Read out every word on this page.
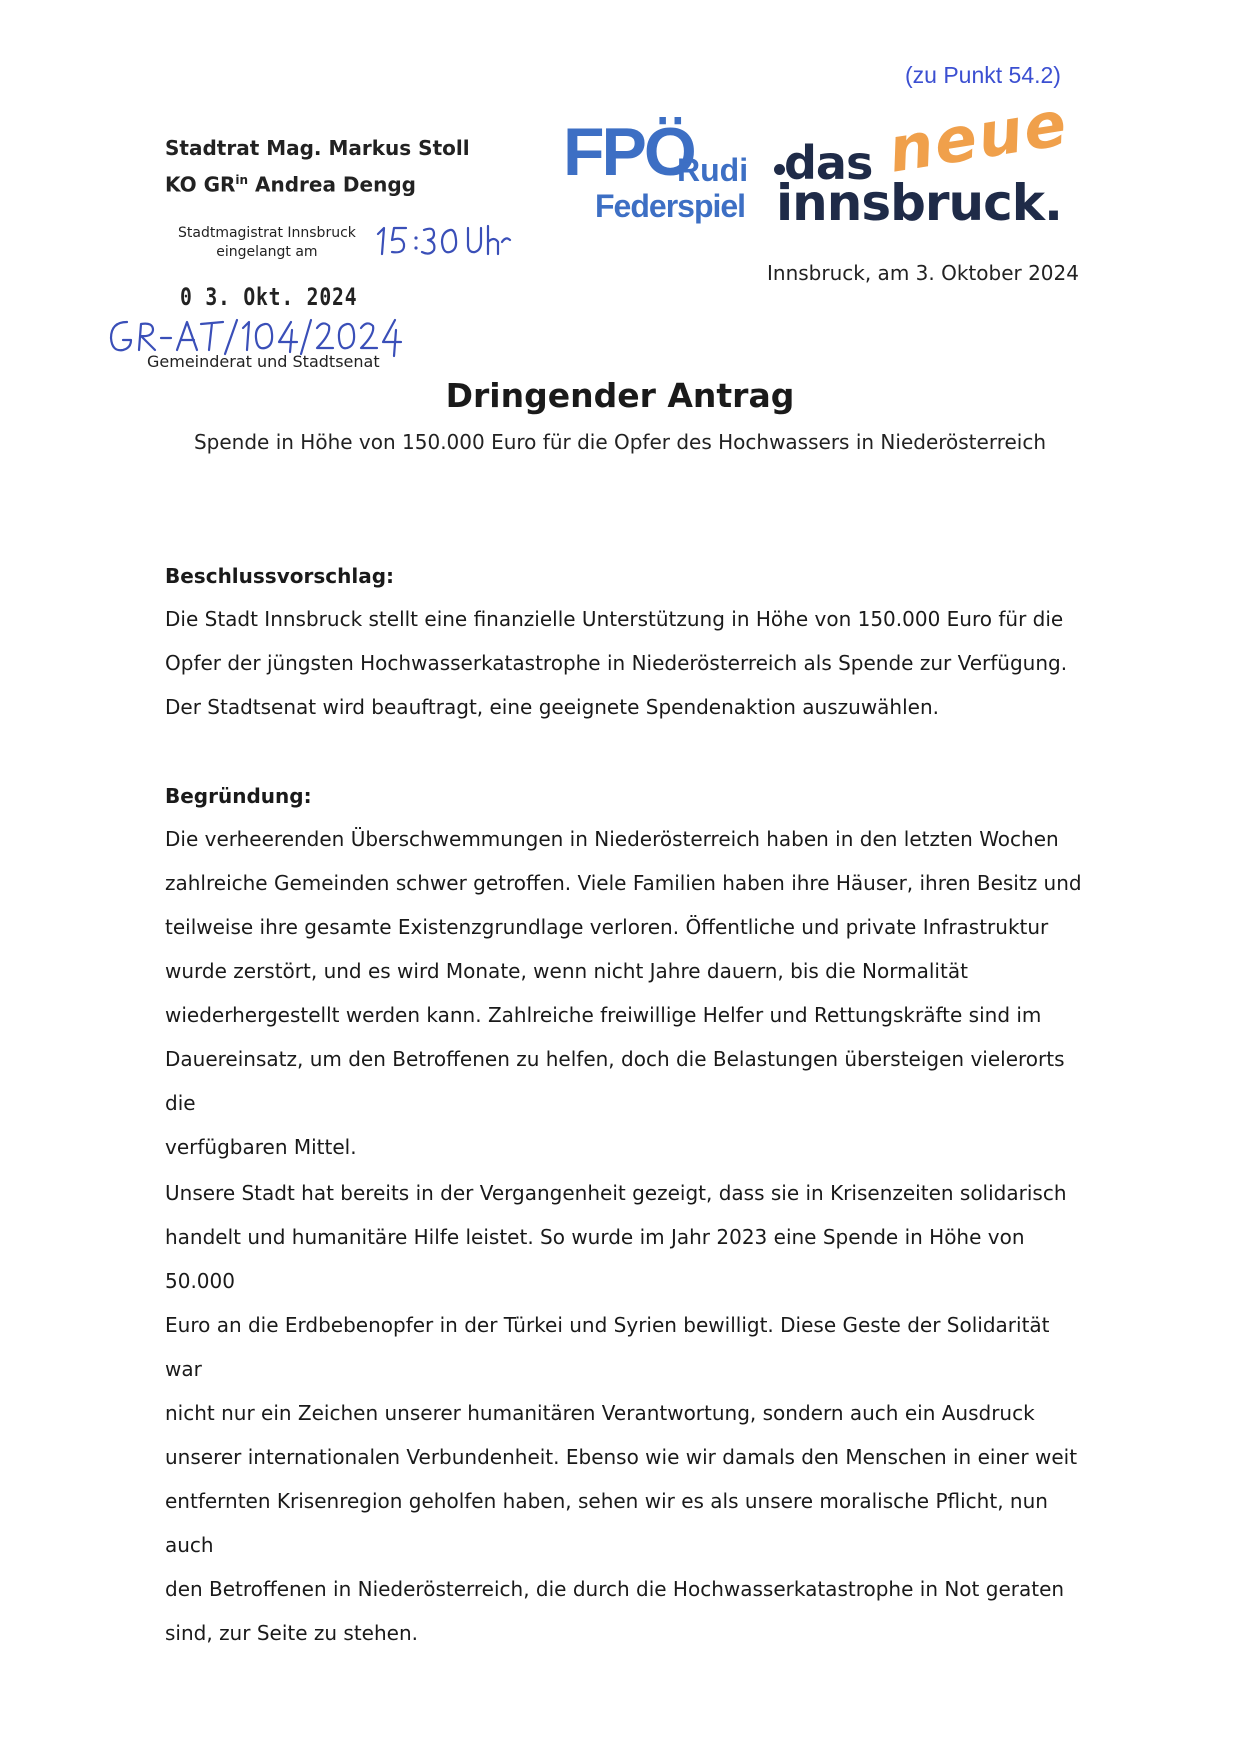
(zu Punkt 54.2)
Stadtrat Mag. Markus Stoll
KO $GR^{in}$ Andrea Dengg	FPÖ
Rudi
Federspiel
das neue
innsbruck.
Stadtmagistrat Innsbruck
eingelangt am
0 3. Okt. 2024
Gemeinderat und Stadtsenat
Innsbruck, am 3. Oktober 2024
Dringender Antrag
Spende in Höhe von 150.000 Euro für die Opfer des Hochwassers in Niederösterreich
Beschlussvorschlag:

Die Stadt Innsbruck stellt eine finanzielle Unterstützung in Höhe von 150.000 Euro für die

Opfer der jüngsten Hochwasserkatastrophe in Niederösterreich als Spende zur Verfügung.

Der Stadtsenat wird beauftragt, eine geeignete Spendenaktion auszuwählen.

Begründung:

Die verheerenden Überschwemmungen in Niederösterreich haben in den letzten Wochen

zahlreiche Gemeinden schwer getroffen. Viele Familien haben ihre Häuser, ihren Besitz und

teilweise ihre gesamte Existenzgrundlage verloren. Öffentliche und private Infrastruktur

wurde zerstört, und es wird Monate, wenn nicht Jahre dauern, bis die Normalität

wiederhergestellt werden kann. Zahlreiche freiwillige Helfer und Rettungskräfte sind im

Dauereinsatz, um den Betroffenen zu helfen, doch die Belastungen übersteigen vielerorts die

verfügbaren Mittel.

Unsere Stadt hat bereits in der Vergangenheit gezeigt, dass sie in Krisenzeiten solidarisch

handelt und humanitäre Hilfe leistet. So wurde im Jahr 2023 eine Spende in Höhe von 50.000

Euro an die Erdbebenopfer in der Türkei und Syrien bewilligt. Diese Geste der Solidarität war

nicht nur ein Zeichen unserer humanitären Verantwortung, sondern auch ein Ausdruck

unserer internationalen Verbundenheit. Ebenso wie wir damals den Menschen in einer weit

entfernten Krisenregion geholfen haben, sehen wir es als unsere moralische Pflicht, nun auch

den Betroffenen in Niederösterreich, die durch die Hochwasserkatastrophe in Not geraten

sind, zur Seite zu stehen.
